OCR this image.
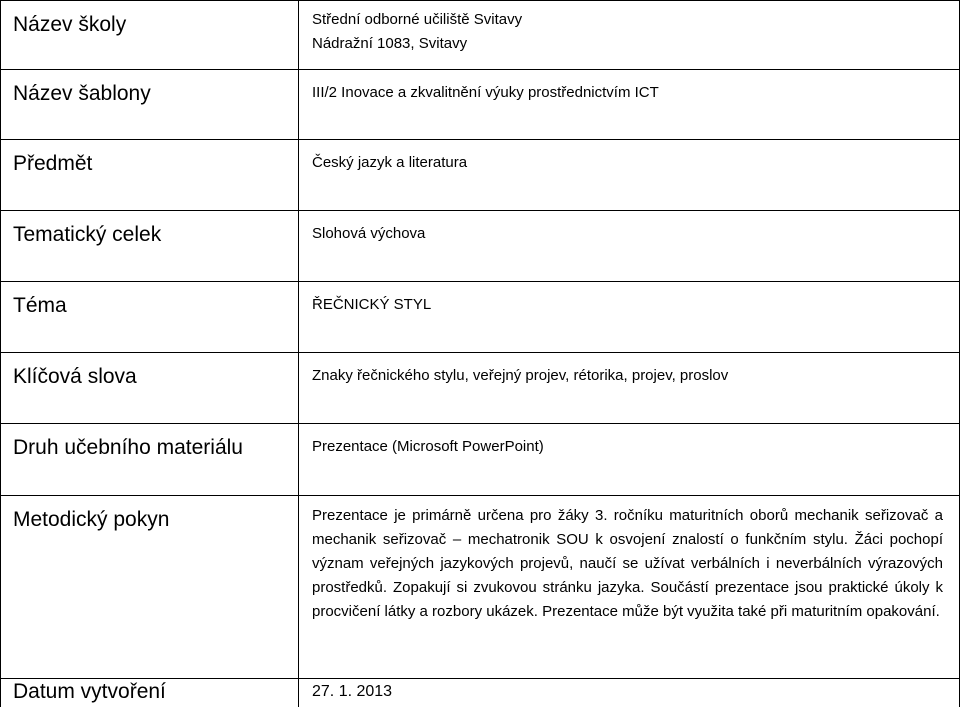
Název školy	Střední odborné učiliště Svitavy
Nádražní 1083, Svitavy

Název šablony	III/2 Inovace a zkvalitnění výuky prostřednictvím ICT

Předmět	Český jazyk a literatura

Tematický celek	Slohová výchova

Téma	ŘEČNICKÝ STYL

Klíčová slova	Znaky řečnického stylu, veřejný projev, rétorika, projev, proslov

Druh učebního materiálu	Prezentace (Microsoft PowerPoint)

Metodický pokyn	Prezentace je primárně určena pro žáky 3. ročníku maturitních oborů mechanik seřizovač a mechanik seřizovač – mechatronik SOU k osvojení znalostí o funkčním stylu. Žáci pochopí význam veřejných jazykových projevů, naučí se užívat verbálních i neverbálních výrazových prostředků. Zopakují si zvukovou stránku jazyka. Součástí prezentace jsou praktické úkoly k procvičení látky a rozbory ukázek. Prezentace může být využita také při maturitním opakování.

Datum vytvoření	27. 1. 2013
